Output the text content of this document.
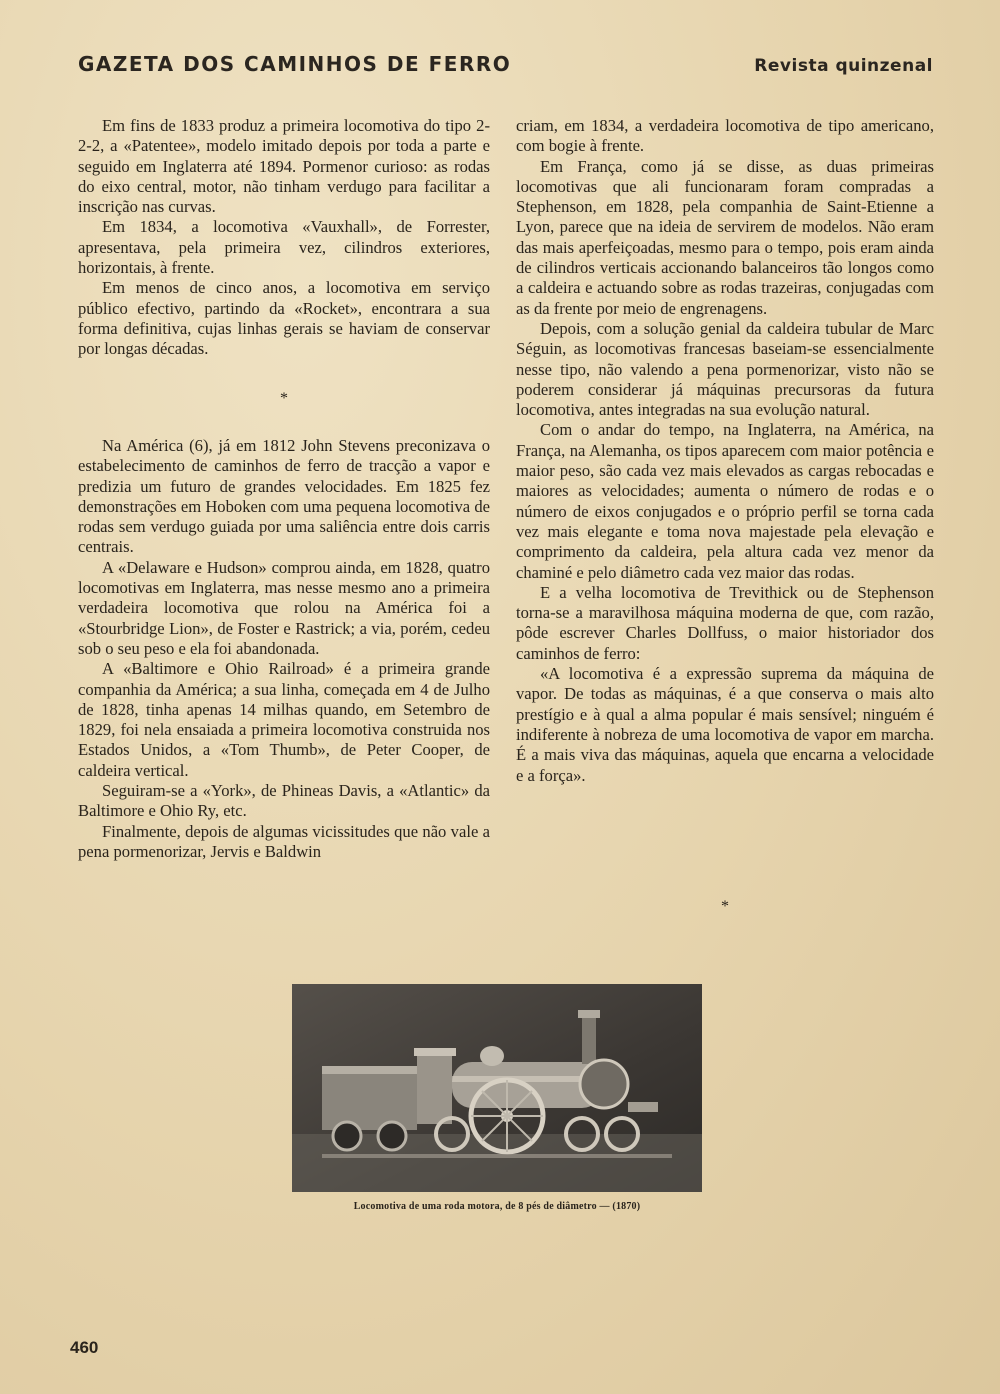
GAZETA DOS CAMINHOS DE FERRO	Revista quinzenal

Em fins de 1833 produz a primeira locomotiva do tipo 2-2-2, a «Patentee», modelo imitado depois por toda a parte e seguido em Inglaterra até 1894. Pormenor curioso: as rodas do eixo central, motor, não tinham verdugo para facilitar a inscrição nas curvas.

Em 1834, a locomotiva «Vauxhall», de Forrester, apresentava, pela primeira vez, cilindros exteriores, horizontais, à frente.

Em menos de cinco anos, a locomotiva em serviço público efectivo, partindo da «Rocket», encontrara a sua forma definitiva, cujas linhas gerais se haviam de conservar por longas décadas.

*

Na América (6), já em 1812 John Stevens preconizava o estabelecimento de caminhos de ferro de tracção a vapor e predizia um futuro de grandes velocidades. Em 1825 fez demonstrações em Hoboken com uma pequena locomotiva de rodas sem verdugo guiada por uma saliência entre dois carris centrais.

A «Delaware e Hudson» comprou ainda, em 1828, quatro locomotivas em Inglaterra, mas nesse mesmo ano a primeira verdadeira locomotiva que rolou na América foi a «Stourbridge Lion», de Foster e Rastrick; a via, porém, cedeu sob o seu peso e ela foi abandonada.

A «Baltimore e Ohio Railroad» é a primeira grande companhia da América; a sua linha, começada em 4 de Julho de 1828, tinha apenas 14 milhas quando, em Setembro de 1829, foi nela ensaiada a primeira locomotiva construida nos Estados Unidos, a «Tom Thumb», de Peter Cooper, de caldeira vertical.

Seguiram-se a «York», de Phineas Davis, a «Atlantic» da Baltimore e Ohio Ry, etc.

Finalmente, depois de algumas vicissitudes que não vale a pena pormenorizar, Jervis e Baldwin

criam, em 1834, a verdadeira locomotiva de tipo americano, com bogie à frente.

Em França, como já se disse, as duas primeiras locomotivas que ali funcionaram foram compradas a Stephenson, em 1828, pela companhia de Saint-Etienne a Lyon, parece que na ideia de servirem de modelos. Não eram das mais aperfeiçoadas, mesmo para o tempo, pois eram ainda de cilindros verticais accionando balanceiros tão longos como a caldeira e actuando sobre as rodas trazeiras, conjugadas com as da frente por meio de engrenagens.

Depois, com a solução genial da caldeira tubular de Marc Séguin, as locomotivas francesas baseiam-se essencialmente nesse tipo, não valendo a pena pormenorizar, visto não se poderem considerar já máquinas precursoras da futura locomotiva, antes integradas na sua evolução natural.

Com o andar do tempo, na Inglaterra, na América, na França, na Alemanha, os tipos aparecem com maior potência e maior peso, são cada vez mais elevados as cargas rebocadas e maiores as velocidades; aumenta o número de rodas e o número de eixos conjugados e o próprio perfil se torna cada vez mais elegante e toma nova majestade pela elevação e comprimento da caldeira, pela altura cada vez menor da chaminé e pelo diâmetro cada vez maior das rodas.

E a velha locomotiva de Trevithick ou de Stephenson torna-se a maravilhosa máquina moderna de que, com razão, pôde escrever Charles Dollfuss, o maior historiador dos caminhos de ferro:

«A locomotiva é a expressão suprema da máquina de vapor. De todas as máquinas, é a que conserva o mais alto prestígio e à qual a alma popular é mais sensível; ninguém é indiferente à nobreza de uma locomotiva de vapor em marcha. É a mais viva das máquinas, aquela que encarna a velocidade e a força».

*
Locomotiva de uma roda motora, de 8 pés de diâmetro — (1870)
460
